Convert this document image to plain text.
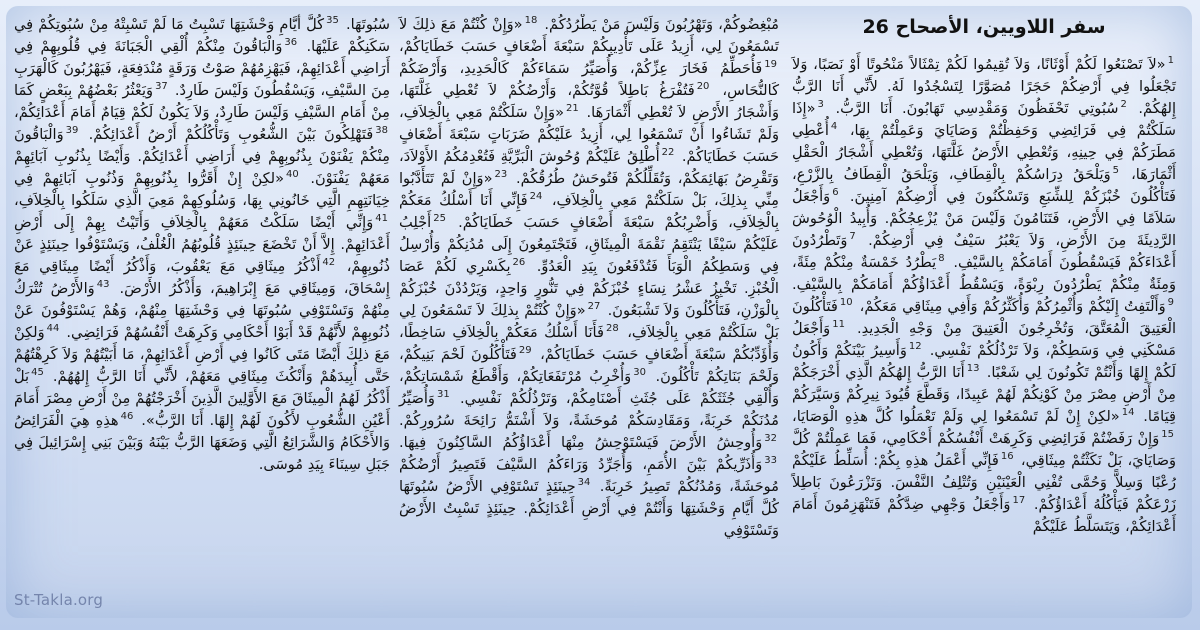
سفر اللاويين، الأصحاح 26
$^1$«لاَ تَصْنَعُوا لَكُمْ أَوْثَانًا، وَلاَ تُقِيمُوا لَكُمْ تِمْثَالاً مَنْحُوتًا أَوْ نَصَبًا، وَلاَ تَجْعَلُوا فِي أَرْضِكُمْ حَجَرًا مُصَوَّرًا لِتَسْجُدُوا لَهُ. لأَنِّي أَنَا الرَّبُّ إِلهُكُمْ. $^2$سُبُوتِي تَحْفَظُونَ وَمَقْدِسِي تَهَابُونَ. أَنَا الرَّبُّ. $^3$«إِذَا سَلَكْتُمْ فِي فَرَائِضِي وَحَفِظْتُمْ وَصَايَايَ وَعَمِلْتُمْ بِهَا، $^4$أُعْطِي مَطَرَكُمْ فِي حِينِهِ، وَتُعْطِي الأَرْضُ غَلَّتَهَا، وَتُعْطِي أَشْجَارُ الْحَقْلِ أَثْمَارَهَا، $^5$وَيَلْحَقُ دِرَاسُكُمْ بِالْقِطَافِ، وَيَلْحَقُ الْقِطَافُ بِالزَّرْعِ، فَتَأْكُلُونَ خُبْزَكُمْ لِلشِّبَعِ وَتَسْكُنُونَ فِي أَرْضِكُمْ آمِنِينَ. $^6$وَأَجْعَلُ سَلاَمًا فِي الأَرْضِ، فَتَنَامُونَ وَلَيْسَ مَنْ يُزْعِجُكُمْ. وَأُبِيدُ الْوُحُوشَ الرَّدِيئَةَ مِنَ الأَرْضِ، وَلاَ يَعْبُرُ سَيْفٌ فِي أَرْضِكُمْ. $^7$وَتَطْرُدُونَ أَعْدَاءَكُمْ فَيَسْقُطُونَ أَمَامَكُمْ بِالسَّيْفِ. $^8$يَطْرُدُ خَمْسَةٌ مِنْكُمْ مِئَةً، وَمِئَةٌ مِنْكُمْ يَطْرُدُونَ رِبْوَةً، وَيَسْقُطُ أَعْدَاؤُكُمْ أَمَامَكُمْ بِالسَّيْفِ. $^9$وَأَلْتَفِتُ إِلَيْكُمْ وَأُثْمِرُكُمْ وَأُكَثِّرُكُمْ وَأَفِي مِيثَاقِي مَعَكُمْ، $^{10}$فَتَأْكُلُونَ الْعَتِيقَ الْمُعَتَّقَ، وَتُخْرِجُونَ الْعَتِيقَ مِنْ وَجْهِ الْجَدِيدِ. $^{11}$وَأَجْعَلُ مَسْكَنِي فِي وَسَطِكُمْ، وَلاَ تَرْذُلُكُمْ نَفْسِي. $^{12}$وَأَسِيرُ بَيْنَكُمْ وَأَكُونُ لَكُمْ إِلهًا وَأَنْتُمْ تَكُونُونَ لِي شَعْبًا. $^{13}$أَنَا الرَّبُّ إِلهُكُمُ الَّذِي أَخْرَجَكُمْ مِنْ أَرْضِ مِصْرَ مِنْ كَوْنِكُمْ لَهُمْ عَبِيدًا، وَقَطَّعَ قُيُودَ نِيرِكُمْ وَسَيَّرَكُمْ قِيَامًا. $^{14}$«لكِنْ إِنْ لَمْ تَسْمَعُوا لِي وَلَمْ تَعْمَلُوا كُلَّ هذِهِ الْوَصَايَا، $^{15}$وَإِنْ رَفَضْتُمْ فَرَائِضِي وَكَرِهَتْ أَنْفُسُكُمْ أَحْكَامِي، فَمَا عَمِلْتُمْ كُلَّ وَصَايَايَ، بَلْ نَكَثْتُمْ مِيثَاقِي، $^{16}$فَإِنِّي أَعْمَلُ هذِهِ بِكُمْ: أُسَلِّطُ عَلَيْكُمْ رُعْبًا وَسِلاًّ وَحُمَّى تُفْنِي الْعَيْنَيْنِ وَتُتْلِفُ النَّفْسَ. وَتَزْرَعُونَ بَاطِلاً زَرْعَكُمْ فَيَأْكُلُهُ أَعْدَاؤُكُمْ. $^{17}$وَأَجْعَلُ وَجْهِي ضِدَّكُمْ فَتَنْهَزِمُونَ أَمَامَ أَعْدَائِكُمْ، وَيَتَسَلَّطُ عَلَيْكُمْ
مُبْغِضُوكُمْ، وَتَهْرُبُونَ وَلَيْسَ مَنْ يَطْرُدُكُمْ. $^{18}$«وَإِنْ كُنْتُمْ مَعَ ذلِكَ لاَ تَسْمَعُونَ لِي، أَزِيدُ عَلَى تَأْدِيبِكُمْ سَبْعَةَ أَضْعَافٍ حَسَبَ خَطَايَاكُمْ، $^{19}$فَأُحَطِّمُ فَخَارَ عِزِّكُمْ، وَأُصَيِّرُ سَمَاءَكُمْ كَالْحَدِيدِ، وَأَرْضَكُمْ كَالنُّحَاسِ، $^{20}$فَتُفْرَغُ بَاطِلاً قُوَّتُكُمْ، وَأَرْضُكُمْ لاَ تُعْطِي غَلَّتَهَا، وَأَشْجَارُ الأَرْضِ لاَ تُعْطِي أَثْمَارَهَا. $^{21}$«وَإِنْ سَلَكْتُمْ مَعِي بِالْخِلاَفِ، وَلَمْ تَشَاءُوا أَنْ تَسْمَعُوا لِي، أَزِيدُ عَلَيْكُمْ ضَرَبَاتٍ سَبْعَةَ أَضْعَافٍ حَسَبَ خَطَايَاكُمْ. $^{22}$أُطْلِقُ عَلَيْكُمْ وُحُوشَ الْبَرِّيَّةِ فَتُعْدِمُكُمُ الأَوْلاَدَ، وَتَقْرِضُ بَهَائِمَكُمْ، وَتُقَلِّلُكُمْ فَتُوحَشُ طُرُقُكُمْ. $^{23}$«وَإِنْ لَمْ تَتَأَدَّبُوا مِنِّي بِذلِكَ، بَلْ سَلَكْتُمْ مَعِي بِالْخِلاَفِ، $^{24}$فَإِنِّي أَنَا أَسْلُكُ مَعَكُمْ بِالْخِلاَفِ، وَأَضْرِبُكُمْ سَبْعَةَ أَضْعَافٍ حَسَبَ خَطَايَاكُمْ. $^{25}$أَجْلِبُ عَلَيْكُمْ سَيْفًا يَنْتَقِمُ نَقْمَةَ الْمِيثَاقِ، فَتَجْتَمِعُونَ إِلَى مُدُنِكُمْ وَأُرْسِلُ فِي وَسَطِكُمُ الْوَبَأَ فَتُدْفَعُونَ بِيَدِ الْعَدُوِّ. $^{26}$بِكَسْرِي لَكُمْ عَصَا الْخُبْزِ. تَخْبِزُ عَشْرُ نِسَاءٍ خُبْزَكُمْ فِي تَنُّورٍ وَاحِدٍ، وَيَرْدُدْنَ خُبْزَكُمْ بِالْوَزْنِ، فَتَأْكُلُونَ وَلاَ تَشْبَعُونَ. $^{27}$«وَإِنْ كُنْتُمْ بِذلِكَ لاَ تَسْمَعُونَ لِي بَلْ سَلَكْتُمْ مَعِي بِالْخِلاَفِ، $^{28}$فَأَنَا أَسْلُكُ مَعَكُمْ بِالْخِلاَفِ سَاخِطًا، وَأُؤَدِّبُكُمْ سَبْعَةَ أَضْعَافٍ حَسَبَ خَطَايَاكُمْ، $^{29}$فَتَأْكُلُونَ لَحْمَ بَنِيكُمْ، وَلَحْمَ بَنَاتِكُمْ تَأْكُلُونَ. $^{30}$وَأُخْرِبُ مُرْتَفَعَاتِكُمْ، وَأَقْطَعُ شَمْسَاتِكُمْ، وَأُلْقِي جُثَثَكُمْ عَلَى جُثَثِ أَصْنَامِكُمْ، وَتَرْذُلُكُمْ نَفْسِي. $^{31}$وَأُصَيِّرُ مُدُنَكُمْ خَرِبَةً، وَمَقَادِسَكُمْ مُوحَشَةً، وَلاَ أَشْتَمُّ رَائِحَةَ سُرُورِكُمْ. $^{32}$وَأُوحِشُ الأَرْضَ فَيَسْتَوْحِشُ مِنْهَا أَعْدَاؤُكُمُ السَّاكِنُونَ فِيهَا. $^{33}$وَأُذَرِّيكُمْ بَيْنَ الأُمَمِ، وَأُجَرِّدُ وَرَاءَكُمُ السَّيْفَ فَتَصِيرُ أَرْضُكُمْ مُوحَشَةً، وَمُدُنُكُمْ تَصِيرُ خَرِبَةً. $^{34}$حِينَئِذٍ تَسْتَوْفِي الأَرْضُ سُبُوتَهَا كُلَّ أَيَّامِ وَحْشَتِهَا وَأَنْتُمْ فِي أَرْضِ أَعْدَائِكُمْ. حِينَئِذٍ تَسْبِتُ الأَرْضُ وَتَسْتَوْفِي
سُبُوتَهَا. $^{35}$كُلَّ أَيَّامِ وَحْشَتِهَا تَسْبِتُ مَا لَمْ تَسْبِتْهُ مِنْ سُبُوتِكُمْ فِي سَكَنِكُمْ عَلَيْهَا. $^{36}$وَالْبَاقُونَ مِنْكُمْ أُلْقِي الْجَبَانَةَ فِي قُلُوبِهِمْ فِي أَرَاضِي أَعْدَائِهِمْ، فَيَهْزِمُهُمْ صَوْتُ وَرَقَةٍ مُنْدَفِعَةٍ، فَيَهْرُبُونَ كَالْهَرَبِ مِنَ السَّيْفِ، وَيَسْقُطُونَ وَلَيْسَ طَارِدٌ. $^{37}$وَيَعْثُرُ بَعْضُهُمْ بِبَعْضٍ كَمَا مِنْ أَمَامِ السَّيْفِ وَلَيْسَ طَارِدٌ، وَلاَ يَكُونُ لَكُمْ قِيَامٌ أَمَامَ أَعْدَائِكُمْ، $^{38}$فَتَهْلِكُونَ بَيْنَ الشُّعُوبِ وَتَأْكُلُكُمْ أَرْضُ أَعْدَائِكُمْ. $^{39}$وَالْبَاقُونَ مِنْكُمْ يَفْنَوْنَ بِذُنُوبِهِمْ فِي أَرَاضِي أَعْدَائِكُمْ. وَأَيْضًا بِذُنُوبِ آبَائِهِمْ مَعَهُمْ يَفْنَوْنَ. $^{40}$«لكِنْ إِنْ أَقَرُّوا بِذُنُوبِهِمْ وَذُنُوبِ آبَائِهِمْ فِي خِيَانَتِهِمِ الَّتِي خَانُونِي بِهَا، وَسُلُوكِهِمْ مَعِيَ الَّذِي سَلَكُوا بِالْخِلاَفِ، $^{41}$وَإِنِّي أَيْضًا سَلَكْتُ مَعَهُمْ بِالْخِلاَفِ وَأَتَيْتُ بِهِمْ إِلَى أَرْضِ أَعْدَائِهِمْ. إِلاَّ أَنْ تَخْضَعَ حِينَئِذٍ قُلُوبُهُمُ الْغُلْفُ، وَيَسْتَوْفُوا حِينَئِذٍ عَنْ ذُنُوبِهِمْ، $^{42}$أَذْكُرُ مِيثَاقِي مَعَ يَعْقُوبَ، وَأَذْكُرُ أَيْضًا مِيثَاقِي مَعَ إِسْحَاقَ، وَمِيثَاقِي مَعَ إِبْرَاهِيمَ، وَأَذْكُرُ الأَرْضَ. $^{43}$وَالأَرْضُ تُتْرَكُ مِنْهُمْ وَتَسْتَوْفِي سُبُوتَهَا فِي وَحْشَتِهَا مِنْهُمْ، وَهُمْ يَسْتَوْفُونَ عَنْ ذُنُوبِهِمْ لأَنَّهُمْ قَدْ أَبَوْا أَحْكَامِي وَكَرِهَتْ أَنْفُسُهُمْ فَرَائِضِي. $^{44}$وَلكِنْ مَعَ ذلِكَ أَيْضًا مَتَى كَانُوا فِي أَرْضِ أَعْدَائِهِمْ، مَا أَبَيْتُهُمْ وَلاَ كَرِهْتُهُمْ حَتَّى أُبِيدَهُمْ وَأَنْكُثَ مِيثَاقِي مَعَهُمْ، لأَنِّي أَنَا الرَّبُّ إِلهُهُمْ. $^{45}$بَلْ أَذْكُرُ لَهُمُ الْمِيثَاقَ مَعَ الأَوَّلِينَ الَّذِينَ أَخْرَجْتُهُمْ مِنْ أَرْضِ مِصْرَ أَمَامَ أَعْيُنِ الشُّعُوبِ لأَكُونَ لَهُمْ إِلهًا. أَنَا الرَّبُّ». $^{46}$هذِهِ هِيَ الْفَرَائِضُ وَالأَحْكَامُ وَالشَّرَائِعُ الَّتِي وَضَعَهَا الرَّبُّ بَيْنَهُ وَبَيْنَ بَنِي إِسْرَائِيلَ فِي جَبَلِ سِينَاءَ بِيَدِ مُوسَى.
St-Takla.org
